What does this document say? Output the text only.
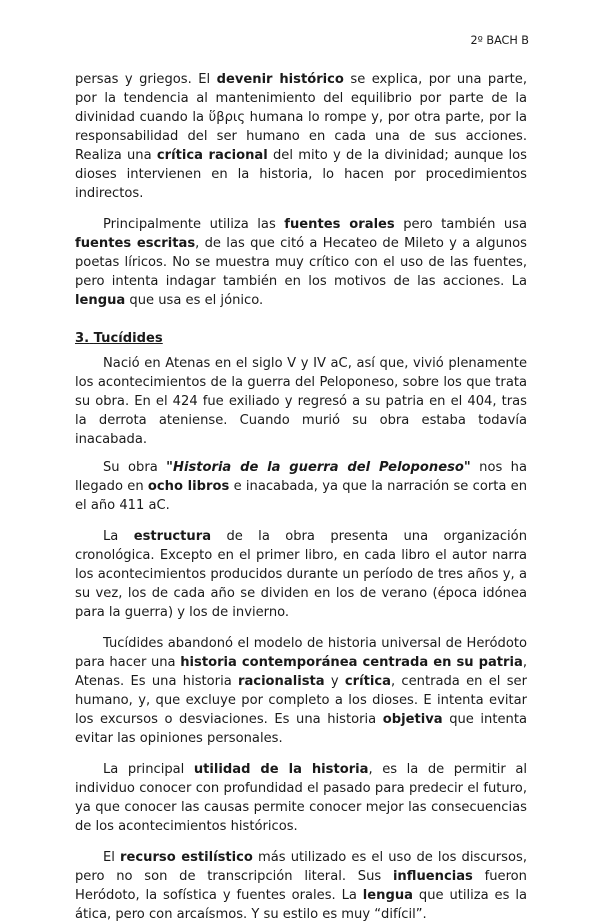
2º BACH B

persas y griegos. El devenir histórico se explica, por una parte, por la tendencia al mantenimiento del equilibrio por parte de la divinidad cuando la ὕβρις humana lo rompe y, por otra parte, por la responsabilidad del ser humano en cada una de sus acciones. Realiza una crítica racional del mito y de la divinidad; aunque los dioses intervienen en la historia, lo hacen por procedimientos indirectos.

Principalmente utiliza las fuentes orales pero también usa fuentes escritas, de las que citó a Hecateo de Mileto y a algunos poetas líricos. No se muestra muy crítico con el uso de las fuentes, pero intenta indagar también en los motivos de las acciones. La lengua que usa es el jónico.

3. Tucídides

Nació en Atenas en el siglo V y IV aC, así que, vivió plenamente los acontecimientos de la guerra del Peloponeso, sobre los que trata su obra. En el 424 fue exiliado y regresó a su patria en el 404, tras la derrota ateniense. Cuando murió su obra estaba todavía inacabada.

Su obra "Historia de la guerra del Peloponeso" nos ha llegado en ocho libros e inacabada, ya que la narración se corta en el año 411 aC.

La estructura de la obra presenta una organización cronológica. Excepto en el primer libro, en cada libro el autor narra los acontecimientos producidos durante un período de tres años y, a su vez, los de cada año se dividen en los de verano (época idónea para la guerra) y los de invierno.

Tucídides abandonó el modelo de historia universal de Heródoto para hacer una historia contemporánea centrada en su patria, Atenas. Es una historia racionalista y crítica, centrada en el ser humano, y, que excluye por completo a los dioses. E intenta evitar los excursos o desviaciones. Es una historia objetiva que intenta evitar las opiniones personales.

La principal utilidad de la historia, es la de permitir al individuo conocer con profundidad el pasado para predecir el futuro, ya que conocer las causas permite conocer mejor las consecuencias de los acontecimientos históricos.

El recurso estilístico más utilizado es el uso de los discursos, pero no son de transcripción literal. Sus influencias fueron Heródoto, la sofística y fuentes orales. La lengua que utiliza es la ática, pero con arcaísmos. Y su estilo es muy “difícil”.
